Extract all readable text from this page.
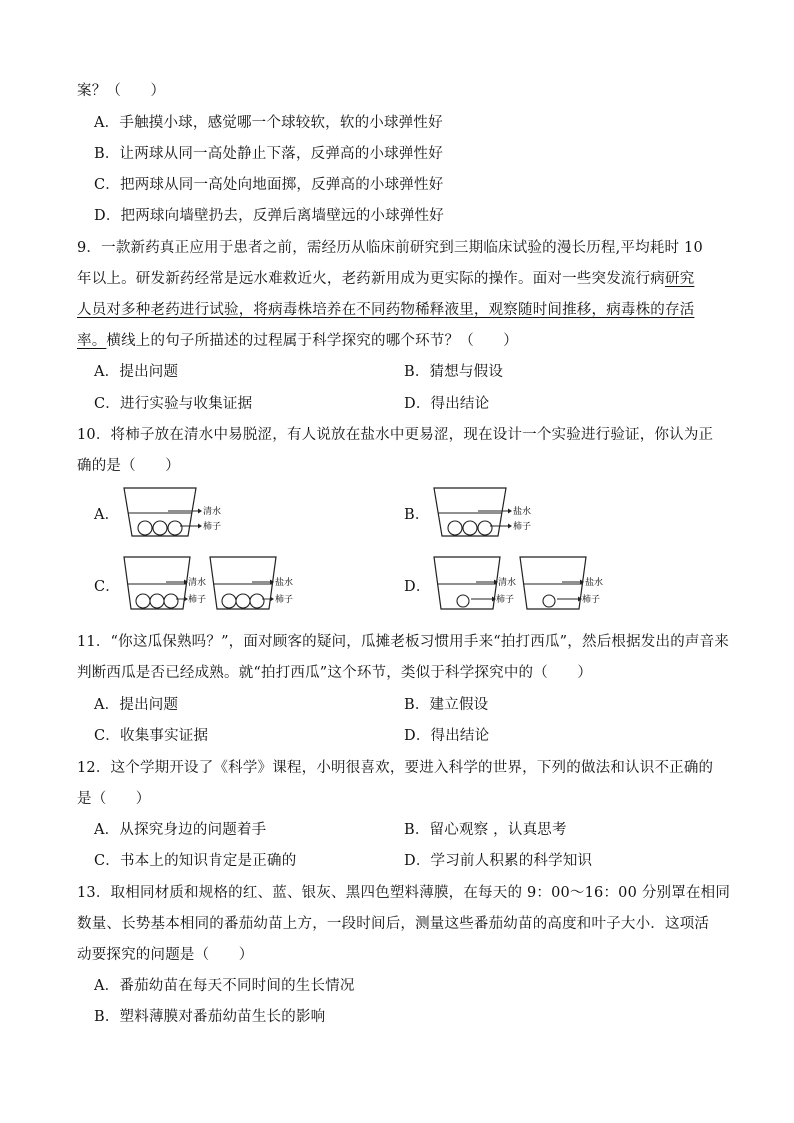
案？（　　）
A．手触摸小球，感觉哪一个球较软，软的小球弹性好
B．让两球从同一高处静止下落，反弹高的小球弹性好
C．把两球从同一高处向地面掷，反弹高的小球弹性好
D．把两球向墙壁扔去，反弹后离墙壁远的小球弹性好
9．一款新药真正应用于患者之前，需经历从临床前研究到三期临床试验的漫长历程,平均耗时 10
年以上。研发新药经常是远水难救近火，老药新用成为更实际的操作。面对一些突发流行病研究
人员对多种老药进行试验，将病毒株培养在不同药物稀释液里，观察随时间推移，病毒株的存活
率。横线上的句子所描述的过程属于科学探究的哪个环节？（　　）
A．提出问题	B．猜想与假设
C．进行实验与收集证据	D．得出结论
10．将柿子放在清水中易脱涩，有人说放在盐水中更易涩，现在设计一个实验进行验证，你认为正
确的是（　　）
A．	清水
柿子
B．	盐水
柿子
C．	清水
柿子
盐水
柿子
D．	清水
柿子
盐水
柿子
11．“你这瓜保熟吗？”，面对顾客的疑问，瓜摊老板习惯用手来“拍打西瓜”，然后根据发出的声音来
判断西瓜是否已经成熟。就“拍打西瓜”这个环节，类似于科学探究中的（　　）
A．提出问题	B．建立假设
C．收集事实证据	D．得出结论
12．这个学期开设了《科学》课程，小明很喜欢，要进入科学的世界，下列的做法和认识不正确的
是（　　）
A．从探究身边的问题着手	B．留心观察 ，认真思考
C．书本上的知识肯定是正确的	D．学习前人积累的科学知识
13．取相同材质和规格的红、蓝、银灰、黑四色塑料薄膜，在每天的 9：00～16：00 分别罩在相同
数量、长势基本相同的番茄幼苗上方，一段时间后，测量这些番茄幼苗的高度和叶子大小．这项活
动要探究的问题是（　　）
A．番茄幼苗在每天不同时间的生长情况
B．塑料薄膜对番茄幼苗生长的影响
